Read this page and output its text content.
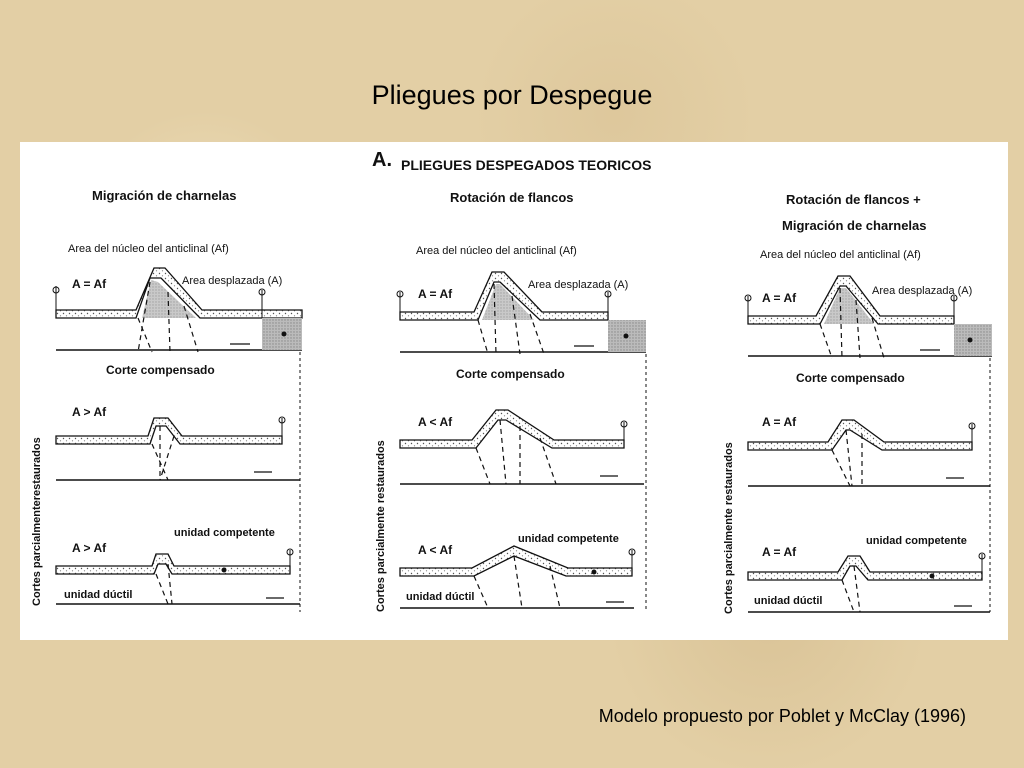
Pliegues por Despegue
A. PLIEGUES DESPEGADOS TEORICOS
Migración de charnelas
Area del núcleo del anticlinal (Af)
Area desplazada (A)
A = Af
Corte compensado
A > Af
A > Af
unidad competente
unidad dúctil
Cortes parcialmenterestaurados
Rotación de flancos
Area del núcleo del anticlinal (Af)
Area desplazada (A)
A = Af
Corte compensado
A < Af
A < Af
unidad competente
unidad dúctil
Cortes parcialmente restaurados
Rotación de flancos +
Migración de charnelas
Area del núcleo del anticlinal (Af)
Area desplazada (A)
A = Af
Corte compensado
A = Af
A = Af
unidad competente
unidad dúctil
Cortes parcialmente restaurados
Modelo propuesto por Poblet y McClay (1996)
